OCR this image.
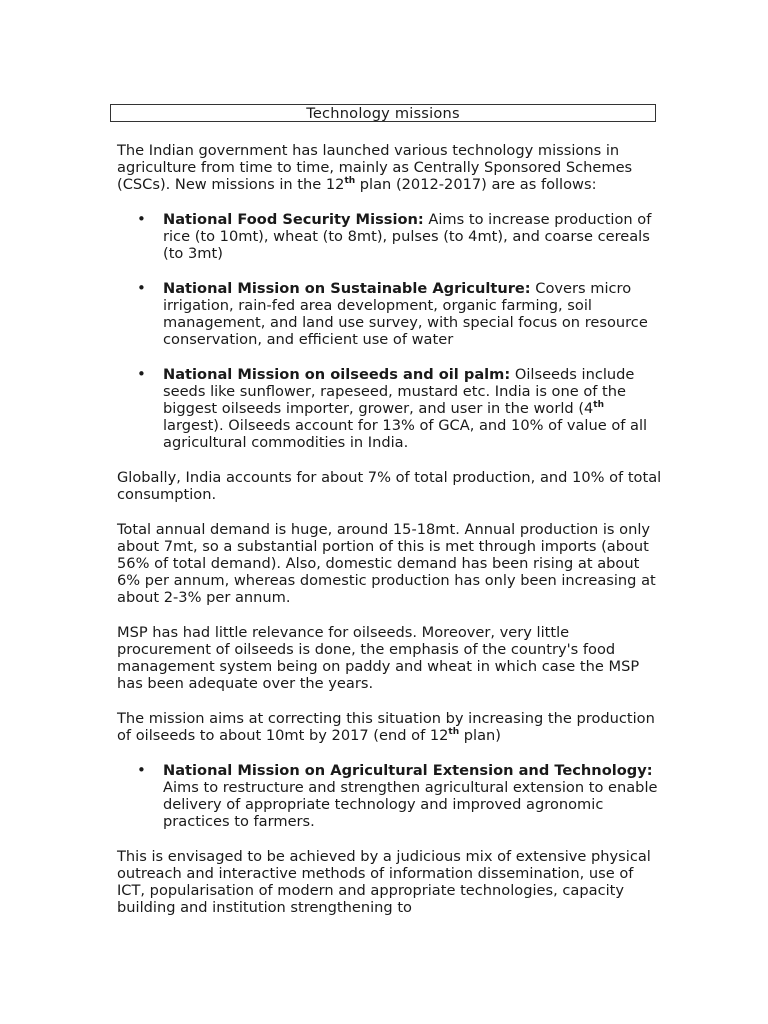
Technology missions

The Indian government has launched various technology missions in agriculture from time to time, mainly as Centrally Sponsored Schemes (CSCs). New missions in the 12th plan (2012-2017) are as follows:

• National Food Security Mission: Aims to increase production of rice (to 10mt), wheat (to 8mt), pulses (to 4mt), and coarse cereals (to 3mt)
• National Mission on Sustainable Agriculture: Covers micro irrigation, rain-fed area development, organic farming, soil management, and land use survey, with special focus on resource conservation, and efficient use of water
• National Mission on oilseeds and oil palm: Oilseeds include seeds like sunflower, rapeseed, mustard etc. India is one of the biggest oilseeds importer, grower, and user in the world (4th largest). Oilseeds account for 13% of GCA, and 10% of value of all agricultural commodities in India.

Globally, India accounts for about 7% of total production, and 10% of total consumption.

Total annual demand is huge, around 15-18mt. Annual production is only about 7mt, so a substantial portion of this is met through imports (about 56% of total demand). Also, domestic demand has been rising at about 6% per annum, whereas domestic production has only been increasing at about 2-3% per annum.

MSP has had little relevance for oilseeds. Moreover, very little procurement of oilseeds is done, the emphasis of the country's food management system being on paddy and wheat in which case the MSP has been adequate over the years.

The mission aims at correcting this situation by increasing the production of oilseeds to about 10mt by 2017 (end of 12th plan)

• National Mission on Agricultural Extension and Technology: Aims to restructure and strengthen agricultural extension to enable delivery of appropriate technology and improved agronomic practices to farmers.

This is envisaged to be achieved by a judicious mix of extensive physical outreach and interactive methods of information dissemination, use of ICT, popularisation of modern and appropriate technologies, capacity building and institution strengthening to
